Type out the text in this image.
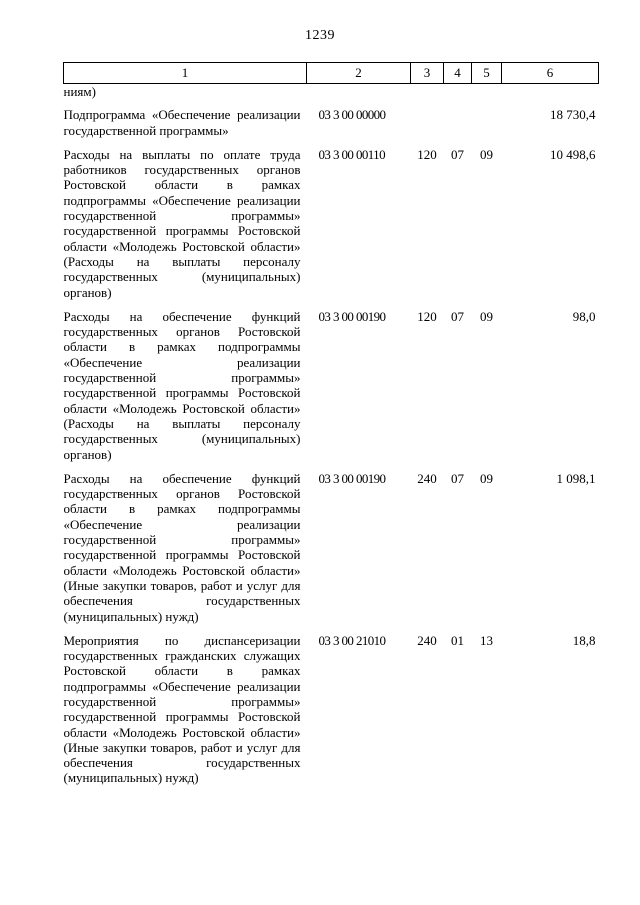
1239
1	2	3	4	5	6
ниям)					
Подпрограмма «Обеспечение реализации государственной программы»	03 3 00 00000				18 730,4
Расходы на выплаты по оплате труда работников государственных органов Ростовской области в рамках подпрограммы «Обеспечение реализации государственной программы» государственной программы Ростовской области «Молодежь Ростовской области» (Расходы на выплаты персоналу государственных (муниципальных) органов)	03 3 00 00110	120	07	09	10 498,6
Расходы на обеспечение функций государственных органов Ростовской области в рамках подпрограммы «Обеспечение реализации государственной программы» государственной программы Ростовской области «Молодежь Ростовской области» (Расходы на выплаты персоналу государственных (муниципальных) органов)	03 3 00 00190	120	07	09	98,0
Расходы на обеспечение функций государственных органов Ростовской области в рамках подпрограммы «Обеспечение реализации государственной программы» государственной программы Ростовской области «Молодежь Ростовской области» (Иные закупки товаров, работ и услуг для обеспечения государственных (муниципальных) нужд)	03 3 00 00190	240	07	09	1 098,1
Мероприятия по диспансеризации государственных гражданских служащих Ростовской области в рамках подпрограммы «Обеспечение реализации государственной программы» государственной программы Ростовской области «Молодежь Ростовской области» (Иные закупки товаров, работ и услуг для обеспечения государственных (муниципальных) нужд)	03 3 00 21010	240	01	13	18,8
